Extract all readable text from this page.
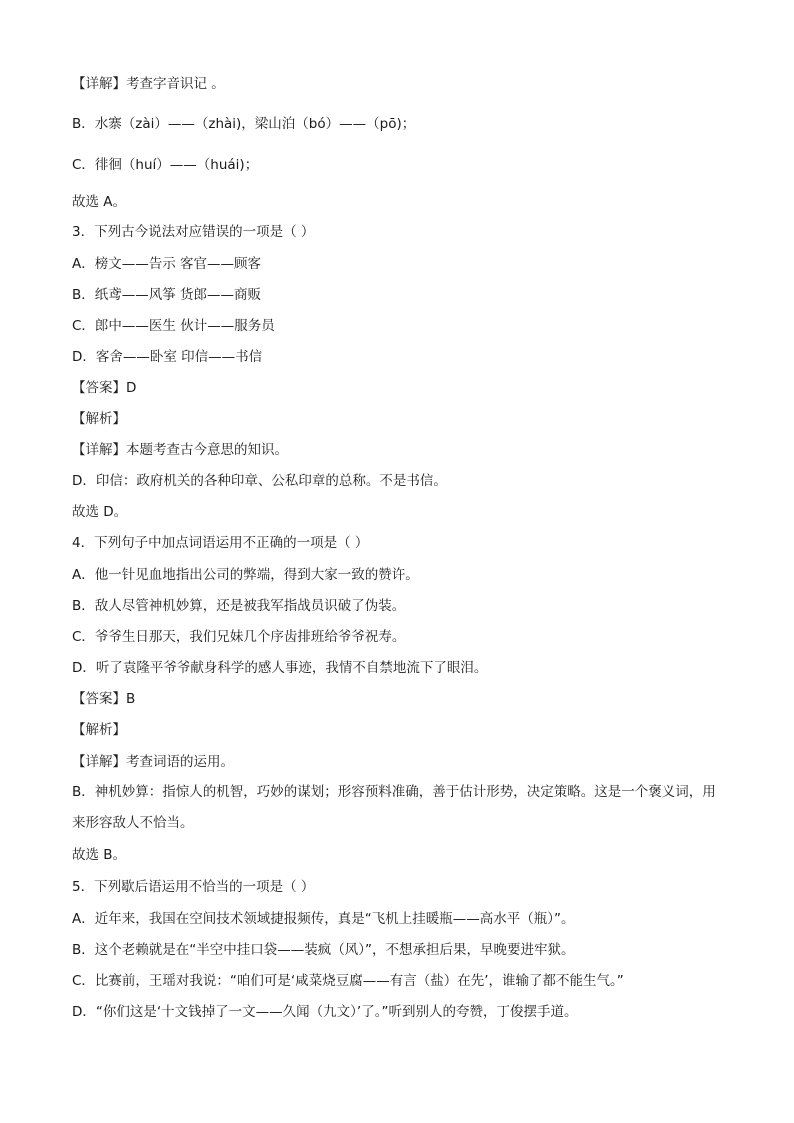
【详解】考查字音识记 。
B．水寨（zài）——（zhài)，梁山泊（bó）——（pō)；
C．徘徊（huí）——（huái)；
故选 A。
3．下列古今说法对应错误的一项是（ ）
A．榜文——告示 客官——顾客
B．纸鸢——风筝 货郎——商贩
C．郎中——医生 伙计——服务员
D．客舍——卧室 印信——书信
【答案】D
【解析】
【详解】本题考查古今意思的知识。
D．印信：政府机关的各种印章、公私印章的总称。不是书信。
故选 D。
4．下列句子中加点词语运用不正确的一项是（ ）
A．他一针见血地指出公司的弊端，得到大家一致的赞许。
B．敌人尽管神机妙算，还是被我军指战员识破了伪装。
C．爷爷生日那天，我们兄妹几个序齿排班给爷爷祝寿。
D．听了袁隆平爷爷献身科学的感人事迹，我情不自禁地流下了眼泪。
【答案】B
【解析】
【详解】考查词语的运用。
B．神机妙算：指惊人的机智，巧妙的谋划；形容预料准确，善于估计形势，决定策略。这是一个褒义词，用来形容敌人不恰当。
故选 B。
5．下列歇后语运用不恰当的一项是（ ）
A．近年来，我国在空间技术领域捷报频传，真是“飞机上挂暖瓶——高水平（瓶）”。
B．这个老赖就是在“半空中挂口袋——装疯（风）”，不想承担后果，早晚要进牢狱。
C．比赛前，王瑶对我说：“咱们可是‘咸菜烧豆腐——有言（盐）在先’，谁输了都不能生气。”
D．“你们这是‘十文钱掉了一文——久闻（九文）’了。”听到别人的夸赞，丁俊摆手道。
